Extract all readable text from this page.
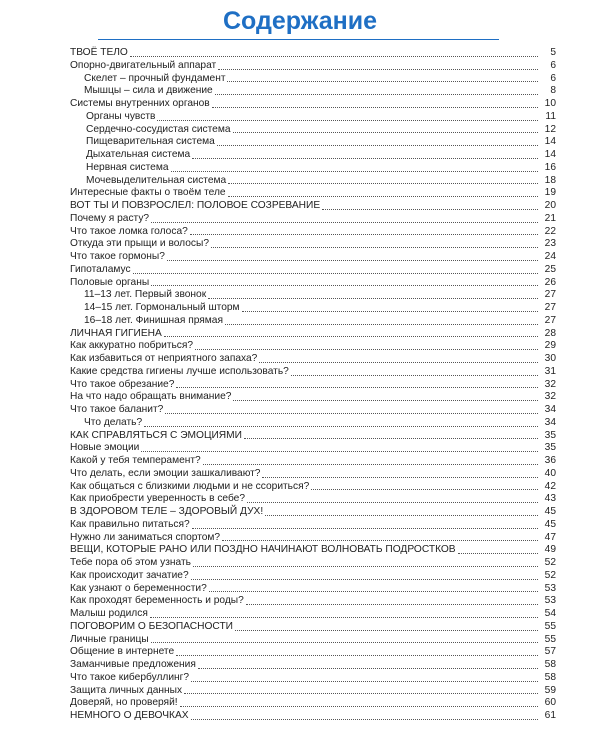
Содержание
ТВОЁ ТЕЛО	5
Опорно-двигательный аппарат	6
Скелет – прочный фундамент	6
Мышцы – сила и движение	8
Системы внутренних органов	10
Органы чувств	11
Сердечно-сосудистая система	12
Пищеварительная система	14
Дыхательная система	14
Нервная система	16
Мочевыделительная система	18
Интересные факты о твоём теле	19
ВОТ ТЫ И ПОВЗРОСЛЕЛ: ПОЛОВОЕ СОЗРЕВАНИЕ	20
Почему я расту?	21
Что такое ломка голоса?	22
Откуда эти прыщи и волосы?	23
Что такое гормоны?	24
Гипоталамус	25
Половые органы	26
11–13 лет. Первый звонок	27
14–15 лет. Гормональный шторм	27
16–18 лет. Финишная прямая	27
ЛИЧНАЯ ГИГИЕНА	28
Как аккуратно побриться?	29
Как избавиться от неприятного запаха?	30
Какие средства гигиены лучше использовать?	31
Что такое обрезание?	32
На что надо обращать внимание?	32
Что такое баланит?	34
Что делать?	34
КАК СПРАВЛЯТЬСЯ С ЭМОЦИЯМИ	35
Новые эмоции	35
Какой у тебя темперамент?	36
Что делать, если эмоции зашкаливают?	40
Как общаться с близкими людьми и не ссориться?	42
Как приобрести уверенность в себе?	43
В ЗДОРОВОМ ТЕЛЕ – ЗДОРОВЫЙ ДУХ!	45
Как правильно питаться?	45
Нужно ли заниматься спортом?	47
ВЕЩИ, КОТОРЫЕ РАНО ИЛИ ПОЗДНО НАЧИНАЮТ ВОЛНОВАТЬ ПОДРОСТКОВ	49
Тебе пора об этом узнать	52
Как происходит зачатие?	52
Как узнают о беременности?	53
Как проходят беременность и роды?	53
Малыш родился	54
ПОГОВОРИМ О БЕЗОПАСНОСТИ	55
Личные границы	55
Общение в интернете	57
Заманчивые предложения	58
Что такое кибербуллинг?	58
Защита личных данных	59
Доверяй, но проверяй!	60
НЕМНОГО О ДЕВОЧКАХ	61
